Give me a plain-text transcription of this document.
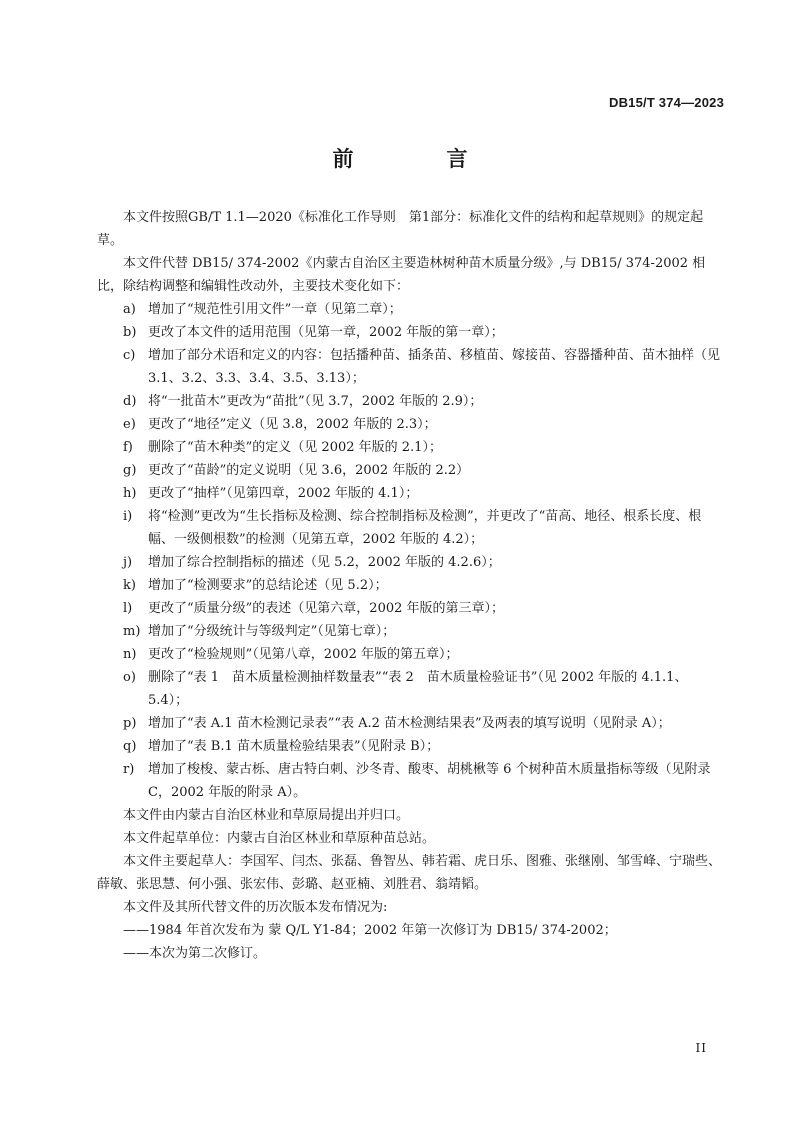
DB15/T 374—2023
前　言

本文件按照GB/T 1.1—2020《标准化工作导则　第1部分：标准化文件的结构和起草规则》的规定起草。

本文件代替 DB15/ 374-2002《内蒙古自治区主要造林树种苗木质量分级》,与 DB15/ 374-2002 相比，除结构调整和编辑性改动外，主要技术变化如下：

a) 增加了“规范性引用文件”一章（见第二章）；
b) 更改了本文件的适用范围（见第一章，2002 年版的第一章）；
c) 增加了部分术语和定义的内容：包括播种苗、插条苗、移植苗、嫁接苗、容器播种苗、苗木抽样（见 3.1、3.2、3.3、3.4、3.5、3.13）；
d) 将“一批苗木”更改为“苗批”（见 3.7，2002 年版的 2.9）；
e) 更改了“地径”定义（见 3.8，2002 年版的 2.3）；
f)	删除了“苗木种类”的定义（见 2002 年版的 2.1）；
g) 更改了“苗龄”的定义说明（见 3.6，2002 年版的 2.2）
h) 更改了“抽样”（见第四章，2002 年版的 4.1）；
i)	将“检测”更改为“生长指标及检测、综合控制指标及检测”，并更改了“苗高、地径、根系长度、根幅、一级侧根数”的检测（见第五章，2002 年版的 4.2）；
j)	增加了综合控制指标的描述（见 5.2，2002 年版的 4.2.6）；
k) 增加了“检测要求”的总结论述（见 5.2）；
l)	更改了“质量分级”的表述（见第六章，2002 年版的第三章）；
m) 增加了“分级统计与等级判定”（见第七章）；
n) 更改了“检验规则”（见第八章，2002 年版的第五章）；
o) 删除了“表 1　苗木质量检测抽样数量表”“表 2　苗木质量检验证书”（见 2002 年版的 4.1.1、5.4）；
p) 增加了“表 A.1 苗木检测记录表”“表 A.2 苗木检测结果表”及两表的填写说明（见附录 A）；
q) 增加了“表 B.1 苗木质量检验结果表”（见附录 B）；
r)	增加了梭梭、蒙古栎、唐古特白刺、沙冬青、酸枣、胡桃楸等 6 个树种苗木质量指标等级（见附录 C，2002 年版的附录 A）。

本文件由内蒙古自治区林业和草原局提出并归口。

本文件起草单位：内蒙古自治区林业和草原种苗总站。

本文件主要起草人：李国军、闫杰、张磊、鲁智丛、韩若霜、虎日乐、图雅、张继刚、邹雪峰、宁瑞些、薛敏、张思慧、何小强、张宏伟、彭璐、赵亚楠、刘胜君、翁靖韬。

本文件及其所代替文件的历次版本发布情况为:

——1984 年首次发布为 蒙 Q/L Y1-84；2002 年第一次修订为 DB15/ 374-2002；

——本次为第二次修订。

II
